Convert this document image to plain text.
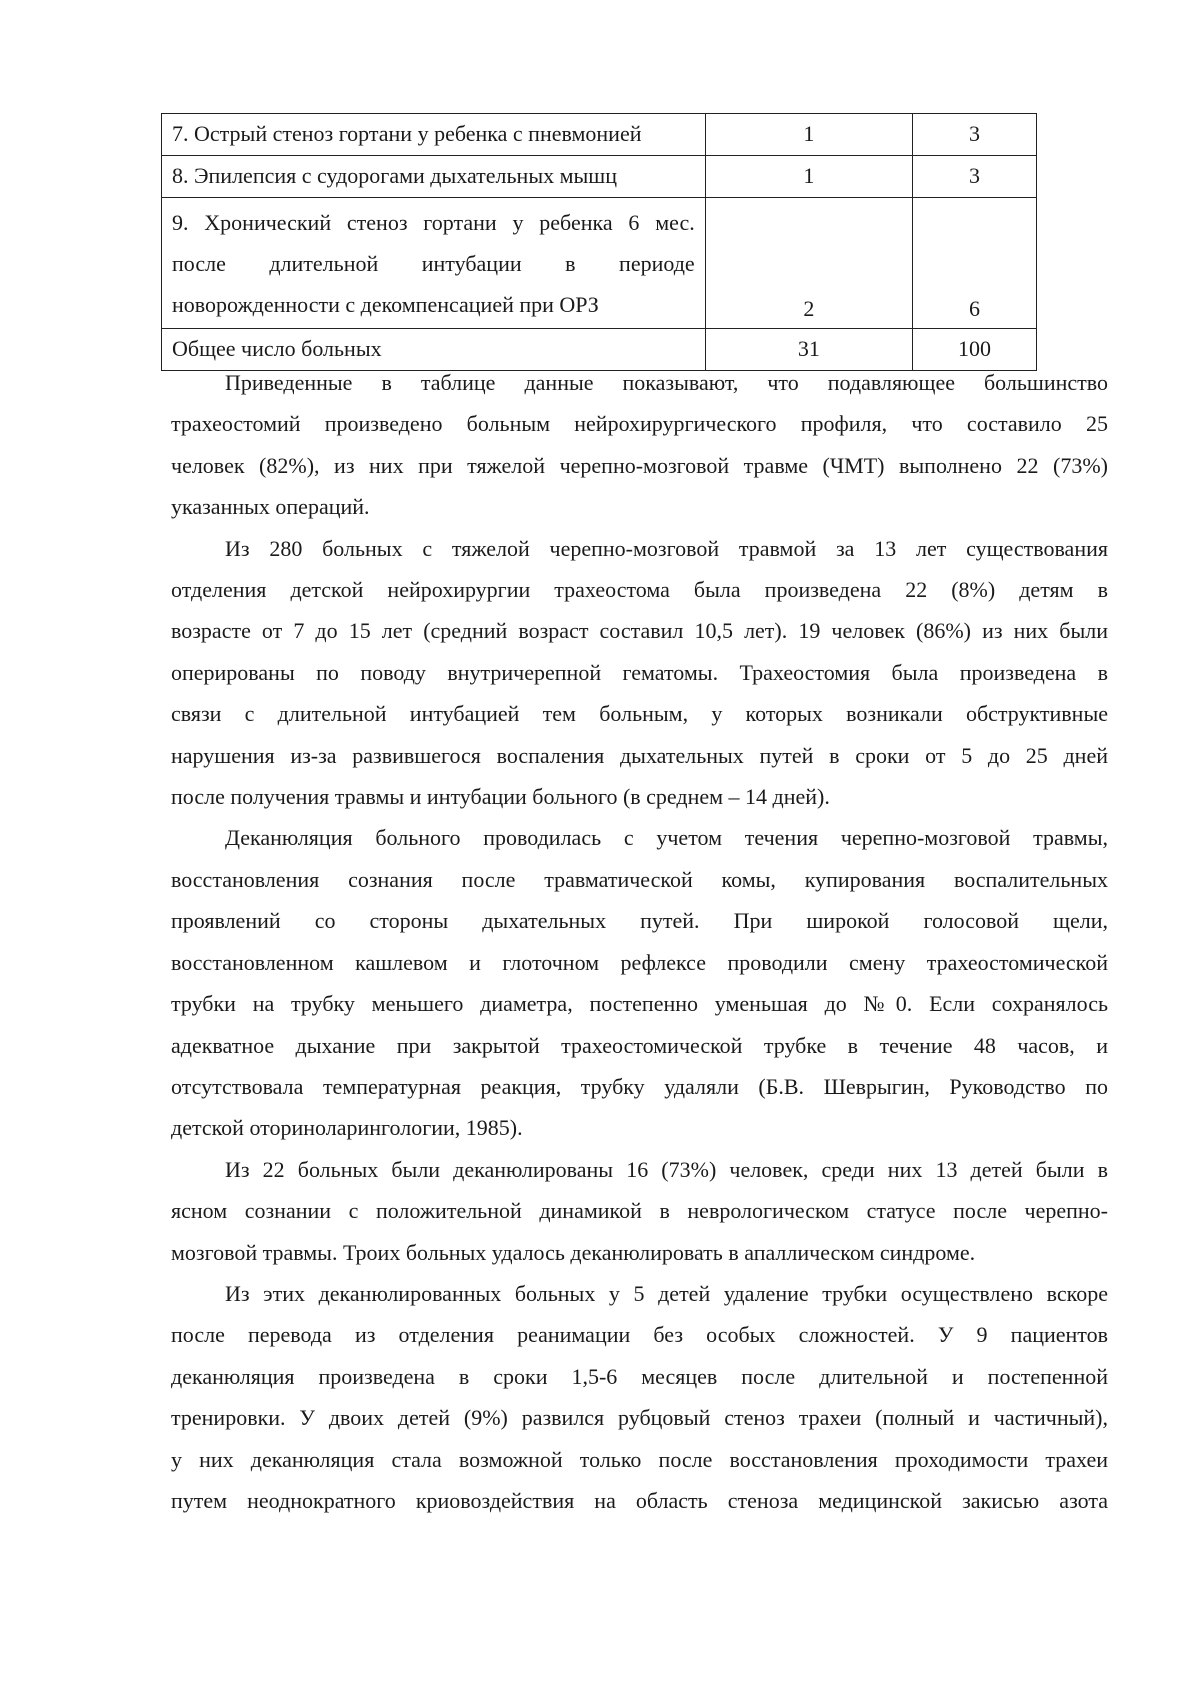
7. Острый стеноз гортани у ребенка с пневмонией	1	3
8. Эпилепсия с судорогами дыхательных мышц	1	3

9. Хронический стеноз гортани у ребенка 6 мес.
после длительной интубации в периоде
новорожденности с декомпенсацией при ОРЗ	2	6
Общее число больных	31	100

Приведенные в таблице данные показывают, что подавляющее большинство
трахеостомий произведено больным нейрохирургического профиля, что составило 25
человек (82%), из них при тяжелой черепно-мозговой травме (ЧМТ) выполнено 22 (73%)
указанных операций.

Из 280 больных с тяжелой черепно-мозговой травмой за 13 лет существования
отделения детской нейрохирургии трахеостома была произведена 22 (8%) детям в
возрасте от 7 до 15 лет (средний возраст составил 10,5 лет). 19 человек (86%) из них были
оперированы по поводу внутричерепной гематомы. Трахеостомия была произведена в
связи с длительной интубацией тем больным, у которых возникали обструктивные
нарушения из-за развившегося воспаления дыхательных путей в сроки от 5 до 25 дней
после получения травмы и интубации больного (в среднем – 14 дней).

Деканюляция больного проводилась с учетом течения черепно-мозговой травмы,
восстановления сознания после травматической комы, купирования воспалительных
проявлений со стороны дыхательных путей. При широкой голосовой щели,
восстановленном кашлевом и глоточном рефлексе проводили смену трахеостомической
трубки на трубку меньшего диаметра, постепенно уменьшая до №0. Если сохранялось
адекватное дыхание при закрытой трахеостомической трубке в течение 48 часов, и
отсутствовала температурная реакция, трубку удаляли (Б.В. Шеврыгин, Руководство по
детской оториноларингологии, 1985).

Из 22 больных были деканюлированы 16 (73%) человек, среди них 13 детей были в
ясном сознании с положительной динамикой в неврологическом статусе после черепно-
мозговой травмы. Троих больных удалось деканюлировать в апаллическом синдроме.

Из этих деканюлированных больных у 5 детей удаление трубки осуществлено вскоре
после перевода из отделения реанимации без особых сложностей. У 9 пациентов
деканюляция произведена в сроки 1,5-6 месяцев после длительной и постепенной
тренировки. У двоих детей (9%) развился рубцовый стеноз трахеи (полный и частичный),
у них деканюляция стала возможной только после восстановления проходимости трахеи
путем неоднократного криовоздействия на область стеноза медицинской закисью азота
